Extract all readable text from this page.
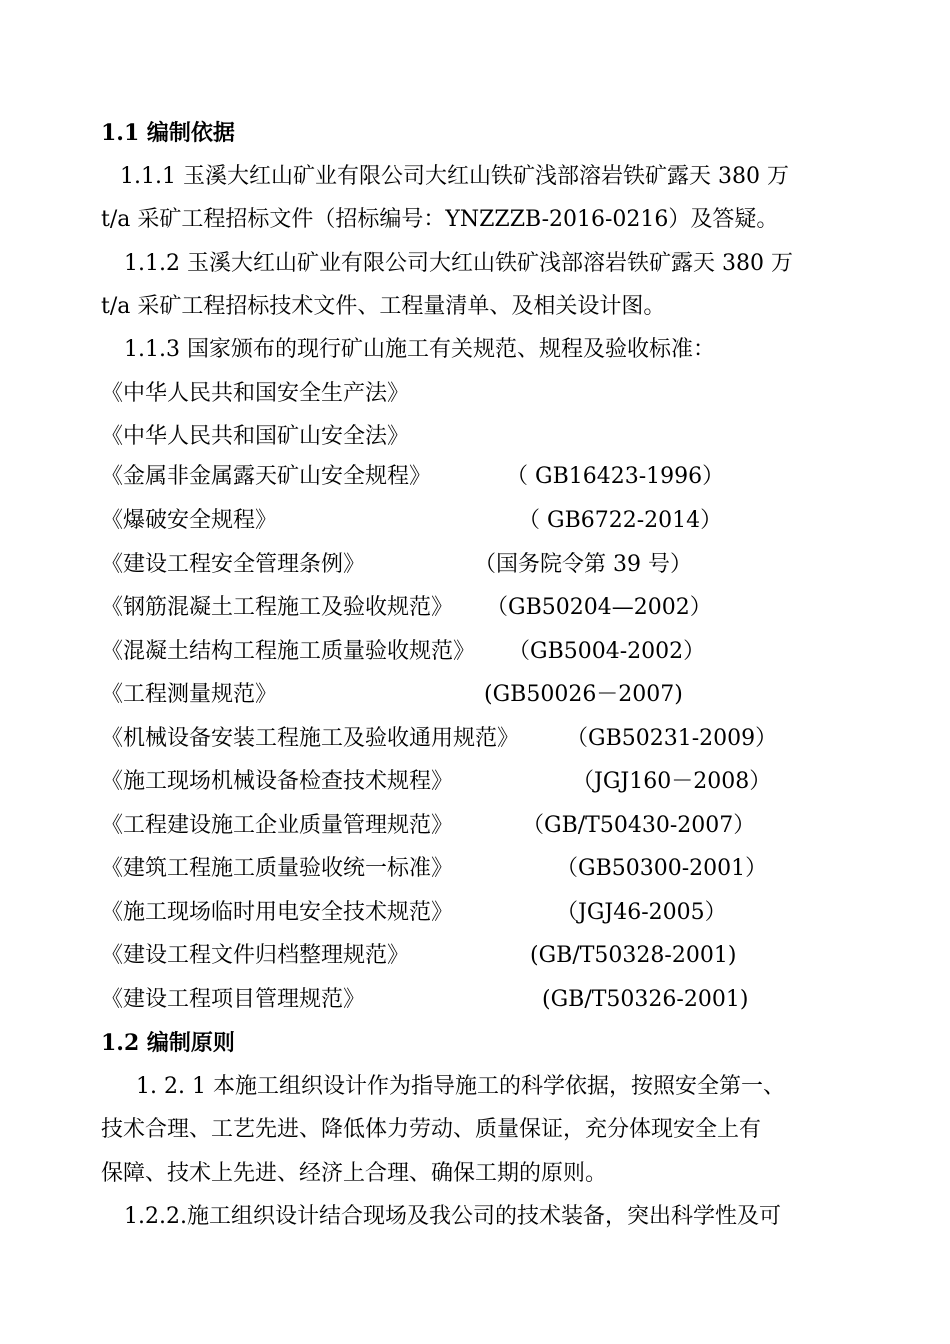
1.1 编制依据
1.1.1 玉溪大红山矿业有限公司大红山铁矿浅部溶岩铁矿露天 380 万
t/a 采矿工程招标文件（招标编号：YNZZZB-2016-0216）及答疑。
1.1.2 玉溪大红山矿业有限公司大红山铁矿浅部溶岩铁矿露天 380 万
t/a 采矿工程招标技术文件、工程量清单、及相关设计图。
1.1.3 国家颁布的现行矿山施工有关规范、规程及验收标准：
《中华人民共和国安全生产法》
《中华人民共和国矿山安全法》
《金属非金属露天矿山安全规程》	（ GB16423-1996）
《爆破安全规程》	（ GB6722-2014）
《建设工程安全管理条例》	（国务院令第 39 号）
《钢筋混凝土工程施工及验收规范》 （GB50204—2002）
《混凝土结构工程施工质量验收规范》 （GB5004-2002）
《工程测量规范》	(GB50026－2007)
《机械设备安装工程施工及验收通用规范》 （GB50231-2009）
《施工现场机械设备检查技术规程》	（JGJ160－2008）
《工程建设施工企业质量管理规范》	（GB/T50430-2007）
《建筑工程施工质量验收统一标准》	（GB50300-2001）
《施工现场临时用电安全技术规范》	（JGJ46-2005）
《建设工程文件归档整理规范》	(GB/T50328-2001)
《建设工程项目管理规范》	(GB/T50326-2001)
1.2 编制原则
1. 2. 1 本施工组织设计作为指导施工的科学依据，按照安全第一、
技术合理、工艺先进、降低体力劳动、质量保证，充分体现安全上有
保障、技术上先进、经济上合理、确保工期的原则。
1.2.2.施工组织设计结合现场及我公司的技术装备，突出科学性及可
